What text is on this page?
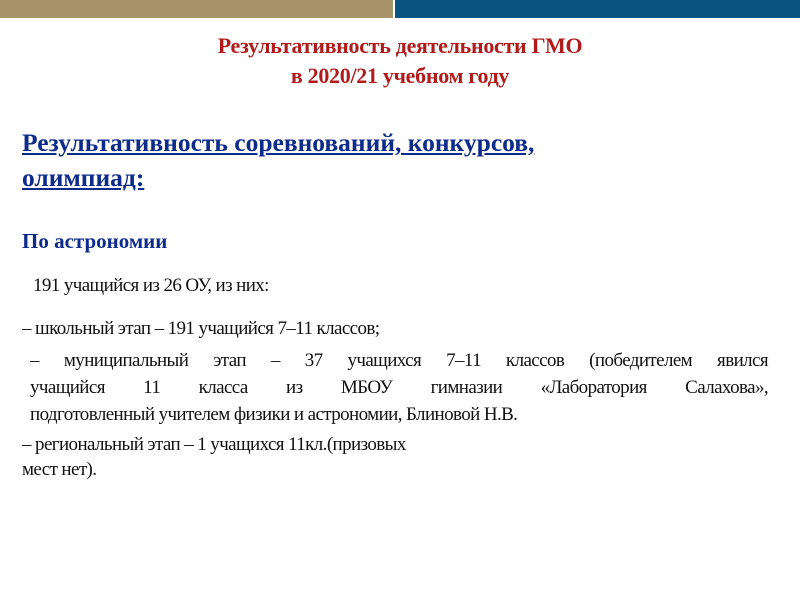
Результативность деятельности ГМО
в 2020/21 учебном году
Результативность соревнований, конкурсов,
олимпиад:
По астрономии
191 учащийся из 26 ОУ, из них:
– школьный этап – 191 учащийся 7–11 классов;
– муниципальный этап – 37 учащихся 7–11 классов (победителем явился
учащийся 11 класса из МБОУ гимназии «Лаборатория Салахова»,
подготовленный учителем физики и астрономии, Блиновой Н.В.
– региональный этап – 1 учащихся 11кл.(призовых
мест нет).
